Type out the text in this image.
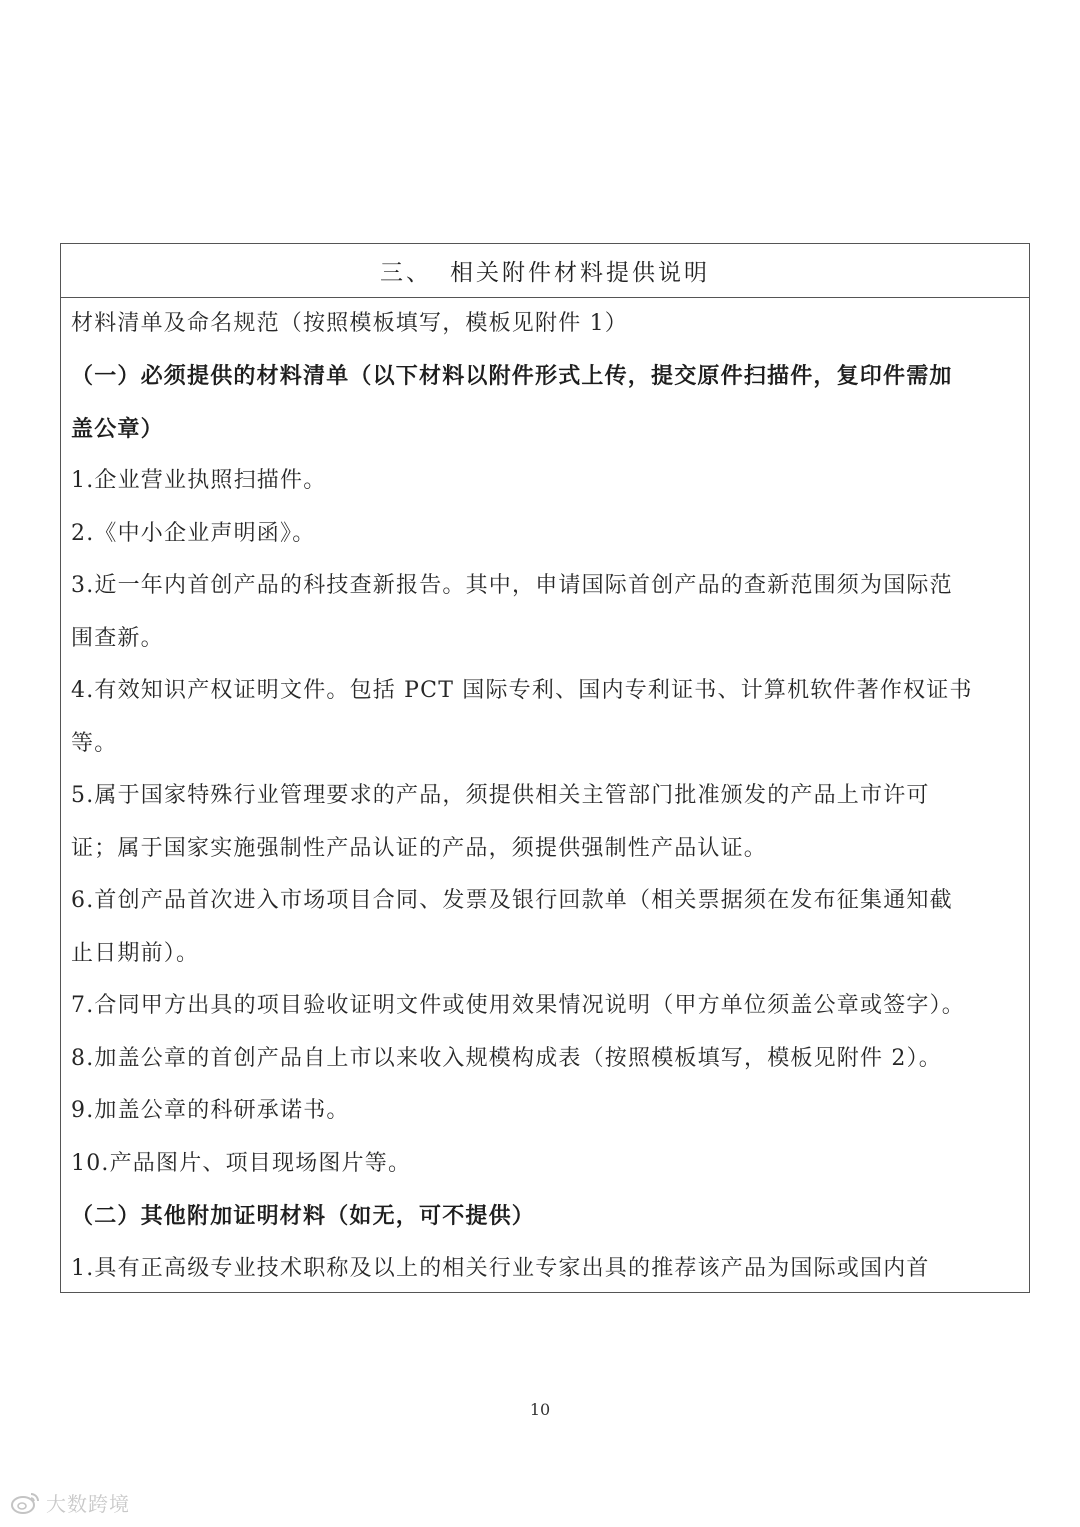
三、 相关附件材料提供说明
材料清单及命名规范（按照模板填写，模板见附件 1）
（一）必须提供的材料清单（以下材料以附件形式上传，提交原件扫描件，复印件需加
盖公章）
1.企业营业执照扫描件。
2.《中小企业声明函》。
3.近一年内首创产品的科技查新报告。其中，申请国际首创产品的查新范围须为国际范
围查新。
4.有效知识产权证明文件。包括 PCT 国际专利、国内专利证书、计算机软件著作权证书
等。
5.属于国家特殊行业管理要求的产品，须提供相关主管部门批准颁发的产品上市许可
证；属于国家实施强制性产品认证的产品，须提供强制性产品认证。
6.首创产品首次进入市场项目合同、发票及银行回款单（相关票据须在发布征集通知截
止日期前）。
7.合同甲方出具的项目验收证明文件或使用效果情况说明（甲方单位须盖公章或签字）。
8.加盖公章的首创产品自上市以来收入规模构成表（按照模板填写，模板见附件 2）。
9.加盖公章的科研承诺书。
10.产品图片、项目现场图片等。
（二）其他附加证明材料（如无，可不提供）
1.具有正高级专业技术职称及以上的相关行业专家出具的推荐该产品为国际或国内首
10
大数跨境
